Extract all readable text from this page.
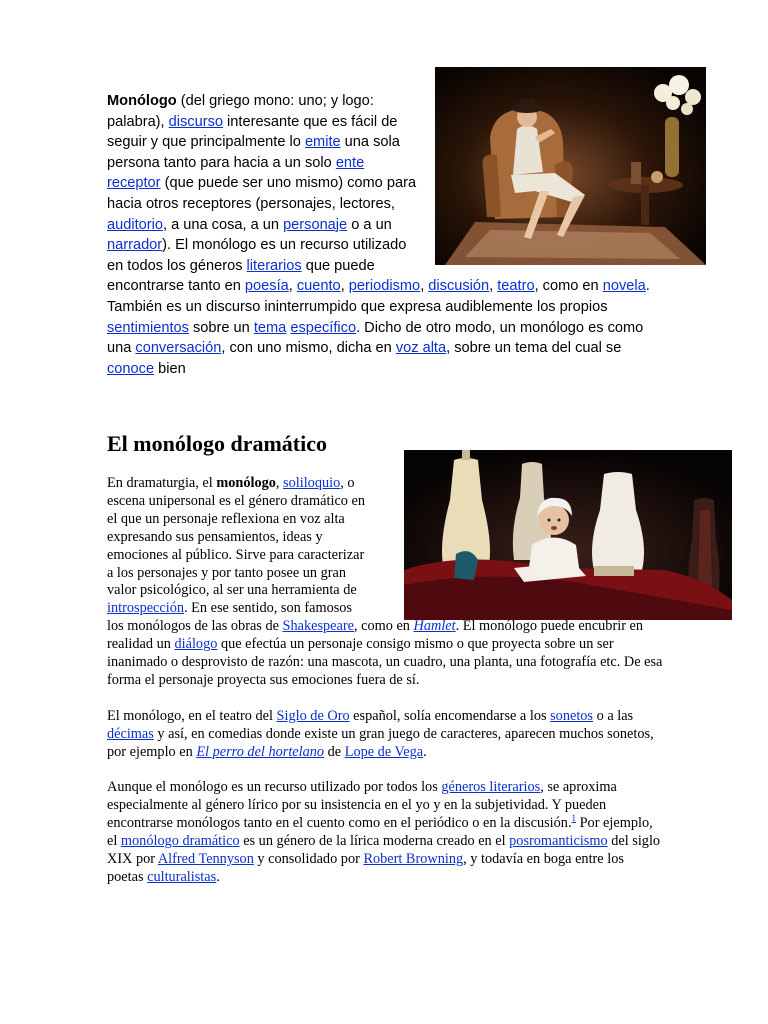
Monólogo (del griego mono: uno; y logo: palabra), discurso interesante que es fácil de seguir y que principalmente lo emite una sola persona tanto para hacia a un solo ente receptor (que puede ser uno mismo) como para hacia otros receptores (personajes, lectores, auditorio, a una cosa, a un personaje o a un narrador). El monólogo es un recurso utilizado en todos los géneros literarios que puede encontrarse tanto en poesía, cuento, periodismo, discusión, teatro, como en novela. También es un discurso ininterrumpido que expresa audiblemente los propios sentimientos sobre un tema específico. Dicho de otro modo, un monólogo es como una conversación, con uno mismo, dicha en voz alta, sobre un tema del cual se conoce bien
El monólogo dramático

En dramaturgia, el monólogo, soliloquio, o escena unipersonal es el género dramático en el que un personaje reflexiona en voz alta expresando sus pensamientos, ideas y emociones al público. Sirve para caracterizar a los personajes y por tanto posee un gran valor psicológico, al ser una herramienta de introspección. En ese sentido, son famosos los monólogos de las obras de Shakespeare, como en Hamlet. El monólogo puede encubrir en realidad un diálogo que efectúa un personaje consigo mismo o que proyecta sobre un ser inanimado o desprovisto de razón: una mascota, un cuadro, una planta, una fotografía etc. De esa forma el personaje proyecta sus emociones fuera de sí.

El monólogo, en el teatro del Siglo de Oro español, solía encomendarse a los sonetos o a las décimas y así, en comedias donde existe un gran juego de caracteres, aparecen muchos sonetos, por ejemplo en El perro del hortelano de Lope de Vega.

Aunque el monólogo es un recurso utilizado por todos los géneros literarios, se aproxima especialmente al género lírico por su insistencia en el yo y en la subjetividad. Y pueden encontrarse monólogos tanto en el cuento como en el periódico o en la discusión.$^1$ Por ejemplo, el monólogo dramático es un género de la lírica moderna creado en el posromanticismo del siglo XIX por Alfred Tennyson y consolidado por Robert Browning, y todavía en boga entre los poetas culturalistas.
